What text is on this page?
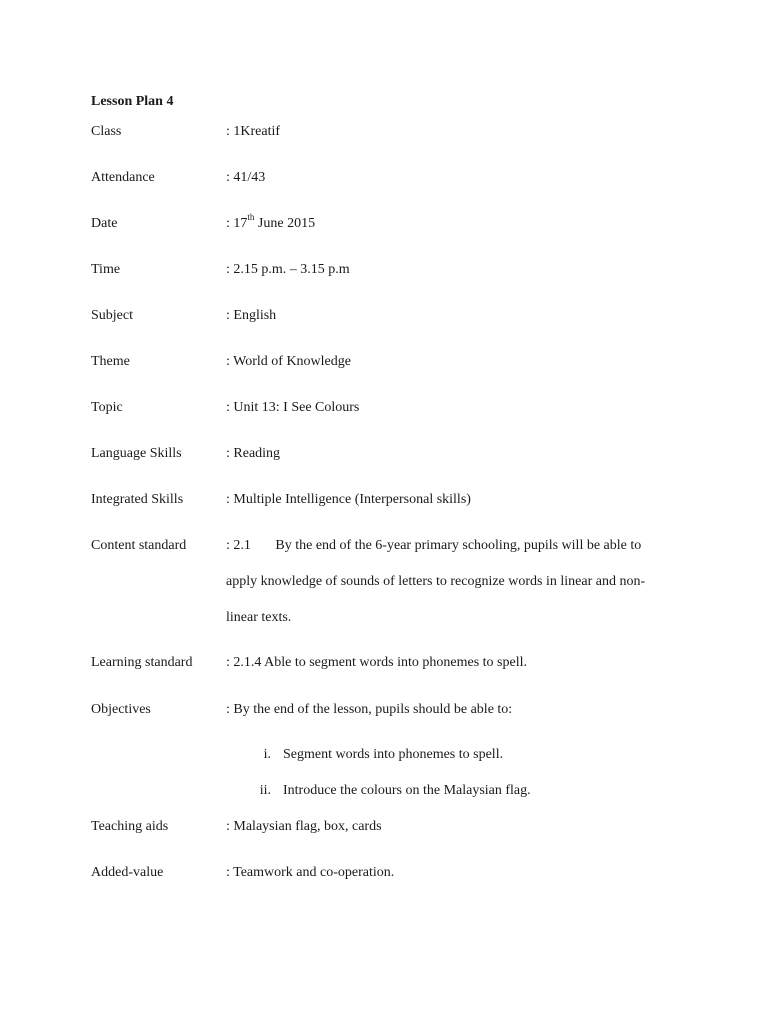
Lesson Plan 4
Class	: 1Kreatif
Attendance	: 41/43
Date	: 17th June 2015
Time	: 2.15 p.m. – 3.15 p.m
Subject	: English
Theme	: World of Knowledge
Topic	: Unit 13: I See Colours
Language Skills	: Reading
Integrated Skills	: Multiple Intelligence (Interpersonal skills)
Content standard	: 2.1 By the end of the 6-year primary schooling, pupils will be able to
apply knowledge of sounds of letters to recognize words in linear and non-
linear texts.
Learning standard : 2.1.4 Able to segment words into phonemes to spell.
Objectives	: By the end of the lesson, pupils should be able to:
i. Segment words into phonemes to spell.
ii. Introduce the colours on the Malaysian flag.
Teaching aids	: Malaysian flag, box, cards
Added-value	: Teamwork and co-operation.
